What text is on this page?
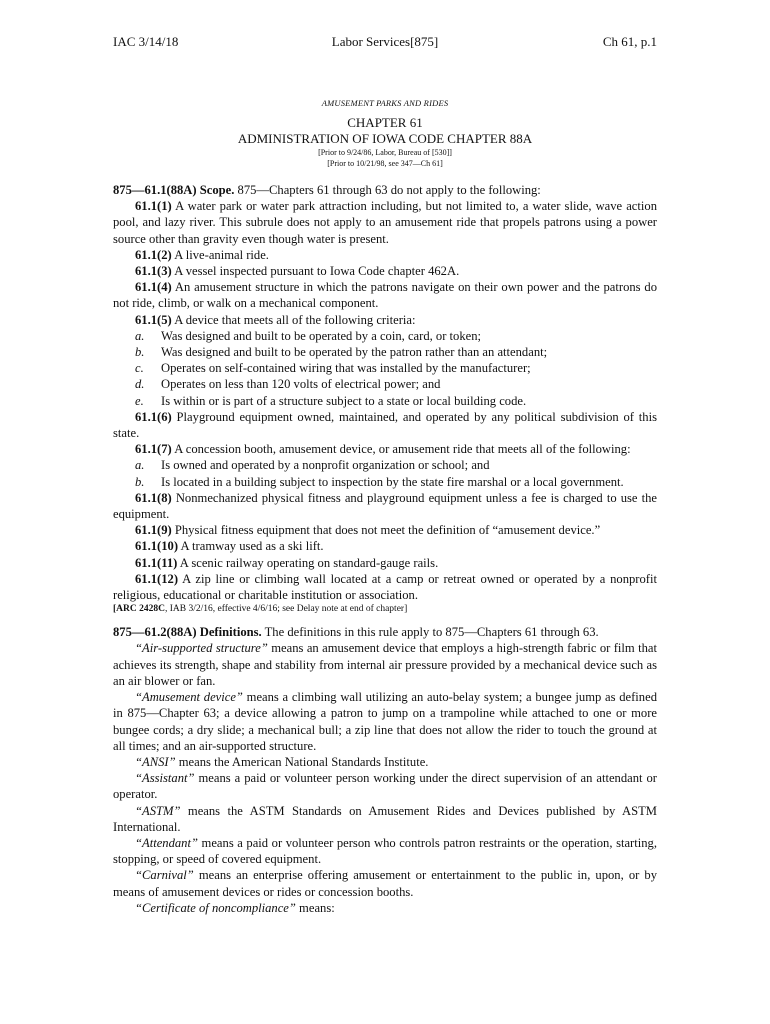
IAC 3/14/18	Labor Services[875]	Ch 61, p.1
AMUSEMENT PARKS AND RIDES
CHAPTER 61
ADMINISTRATION OF IOWA CODE CHAPTER 88A
[Prior to 9/24/86, Labor, Bureau of [530]]
[Prior to 10/21/98, see 347—Ch 61]

875—61.1(88A) Scope. 875—Chapters 61 through 63 do not apply to the following:

61.1(1) A water park or water park attraction including, but not limited to, a water slide, wave action pool, and lazy river. This subrule does not apply to an amusement ride that propels patrons using a power source other than gravity even though water is present.

61.1(2) A live-animal ride.

61.1(3) A vessel inspected pursuant to Iowa Code chapter 462A.

61.1(4) An amusement structure in which the patrons navigate on their own power and the patrons do not ride, climb, or walk on a mechanical component.

61.1(5) A device that meets all of the following criteria:

a.	Was designed and built to be operated by a coin, card, or token;
b.	Was designed and built to be operated by the patron rather than an attendant;
c.	Operates on self-contained wiring that was installed by the manufacturer;
d.	Operates on less than 120 volts of electrical power; and
e.	Is within or is part of a structure subject to a state or local building code.

61.1(6) Playground equipment owned, maintained, and operated by any political subdivision of this state.

61.1(7) A concession booth, amusement device, or amusement ride that meets all of the following:

a.	Is owned and operated by a nonprofit organization or school; and
b.	Is located in a building subject to inspection by the state fire marshal or a local government.

61.1(8) Nonmechanized physical fitness and playground equipment unless a fee is charged to use the equipment.

61.1(9) Physical fitness equipment that does not meet the definition of “amusement device.”

61.1(10) A tramway used as a ski lift.

61.1(11) A scenic railway operating on standard-gauge rails.

61.1(12) A zip line or climbing wall located at a camp or retreat owned or operated by a nonprofit religious, educational or charitable institution or association.

[ARC 2428C, IAB 3/2/16, effective 4/6/16; see Delay note at end of chapter]

875—61.2(88A) Definitions. The definitions in this rule apply to 875—Chapters 61 through 63.

“Air-supported structure” means an amusement device that employs a high-strength fabric or film that achieves its strength, shape and stability from internal air pressure provided by a mechanical device such as an air blower or fan.

“Amusement device” means a climbing wall utilizing an auto-belay system; a bungee jump as defined in 875—Chapter 63; a device allowing a patron to jump on a trampoline while attached to one or more bungee cords; a dry slide; a mechanical bull; a zip line that does not allow the rider to touch the ground at all times; and an air-supported structure.

“ANSI” means the American National Standards Institute.

“Assistant” means a paid or volunteer person working under the direct supervision of an attendant or operator.

“ASTM” means the ASTM Standards on Amusement Rides and Devices published by ASTM International.

“Attendant” means a paid or volunteer person who controls patron restraints or the operation, starting, stopping, or speed of covered equipment.

“Carnival” means an enterprise offering amusement or entertainment to the public in, upon, or by means of amusement devices or rides or concession booths.

“Certificate of noncompliance” means:
